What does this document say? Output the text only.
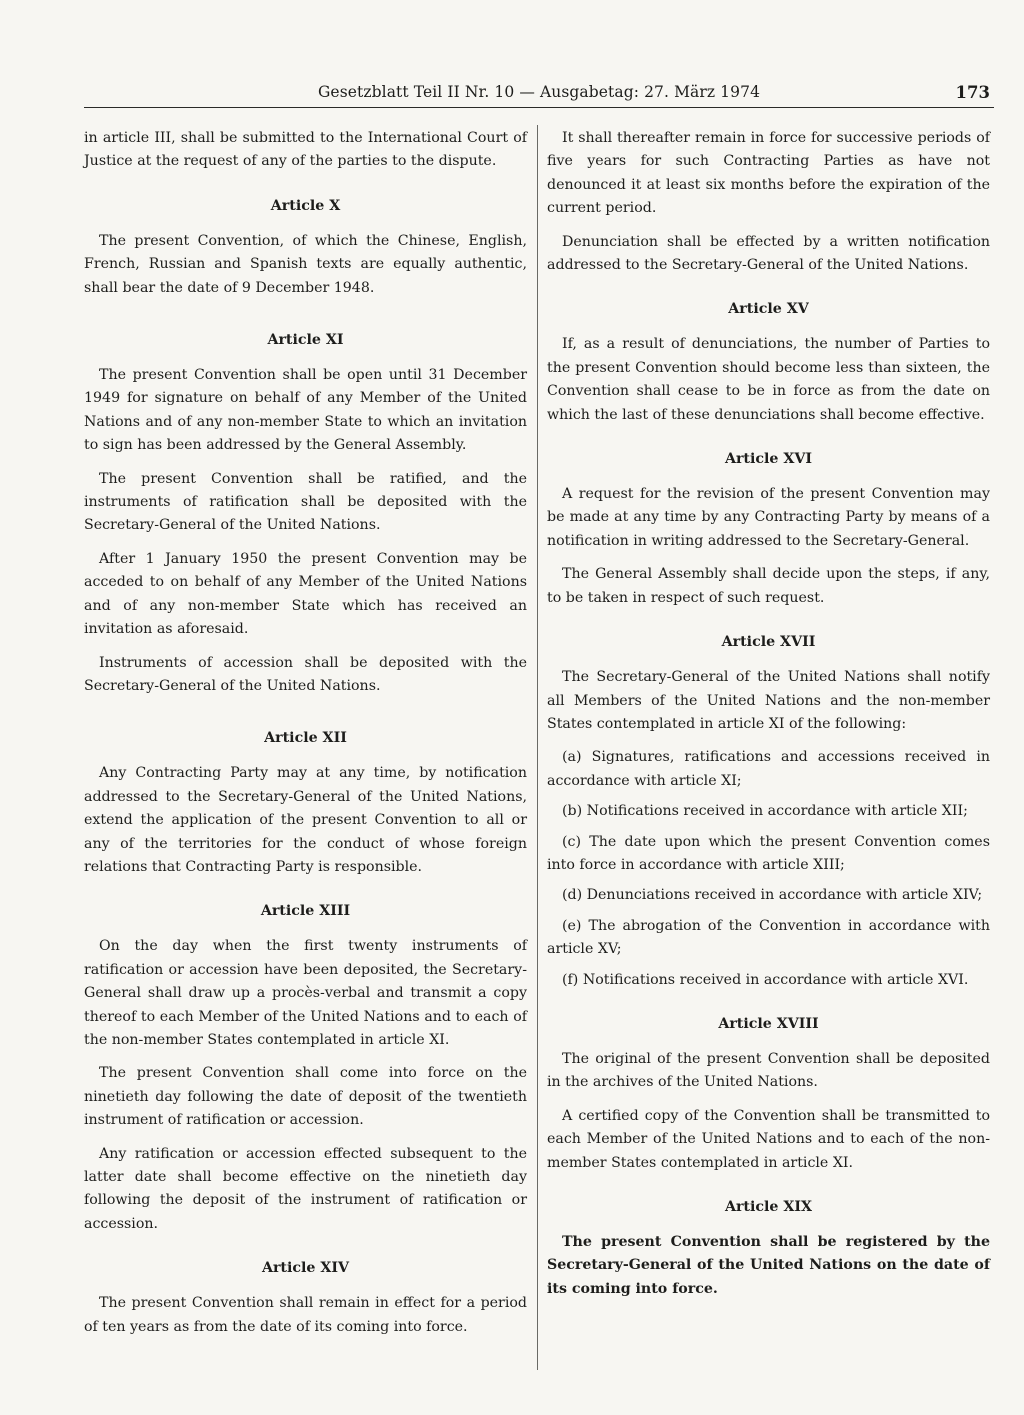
Gesetzblatt Teil II Nr. 10 — Ausgabetag: 27. März 1974	173

in article III, shall be submitted to the International Court of Justice at the request of any of the parties to the dispute.

Article X

The present Convention, of which the Chinese, English, French, Russian and Spanish texts are equally authentic, shall bear the date of 9 December 1948.

Article XI

The present Convention shall be open until 31 December 1949 for signature on behalf of any Member of the United Nations and of any non-member State to which an invitation to sign has been addressed by the General Assembly.

The present Convention shall be ratified, and the instruments of ratification shall be deposited with the Secretary-General of the United Nations.

After 1 January 1950 the present Convention may be acceded to on behalf of any Member of the United Nations and of any non-member State which has received an invitation as aforesaid.

Instruments of accession shall be deposited with the Secretary-General of the United Nations.

Article XII

Any Contracting Party may at any time, by notification addressed to the Secretary-General of the United Nations, extend the application of the present Convention to all or any of the territories for the conduct of whose foreign relations that Contracting Party is responsible.

Article XIII

On the day when the first twenty instruments of ratification or accession have been deposited, the Secretary-General shall draw up a procès-verbal and transmit a copy thereof to each Member of the United Nations and to each of the non-member States contemplated in article XI.

The present Convention shall come into force on the ninetieth day following the date of deposit of the twentieth instrument of ratification or accession.

Any ratification or accession effected subsequent to the latter date shall become effective on the ninetieth day following the deposit of the instrument of ratification or accession.

Article XIV

The present Convention shall remain in effect for a period of ten years as from the date of its coming into force.

It shall thereafter remain in force for successive periods of five years for such Contracting Parties as have not denounced it at least six months before the expiration of the current period.

Denunciation shall be effected by a written notification addressed to the Secretary-General of the United Nations.

Article XV

If, as a result of denunciations, the number of Parties to the present Convention should become less than sixteen, the Convention shall cease to be in force as from the date on which the last of these denunciations shall become effective.

Article XVI

A request for the revision of the present Convention may be made at any time by any Contracting Party by means of a notification in writing addressed to the Secretary-General.

The General Assembly shall decide upon the steps, if any, to be taken in respect of such request.

Article XVII

The Secretary-General of the United Nations shall notify all Members of the United Nations and the non-member States contemplated in article XI of the following:

(a) Signatures, ratifications and accessions received in accordance with article XI;
(b) Notifications received in accordance with article XII;
(c) The date upon which the present Convention comes into force in accordance with article XIII;
(d) Denunciations received in accordance with article XIV;
(e) The abrogation of the Convention in accordance with article XV;
(f) Notifications received in accordance with article XVI.
Article XVIII

The original of the present Convention shall be deposited in the archives of the United Nations.

A certified copy of the Convention shall be transmitted to each Member of the United Nations and to each of the non-member States contemplated in article XI.

Article XIX

The present Convention shall be registered by the Secretary-General of the United Nations on the date of its coming into force.
